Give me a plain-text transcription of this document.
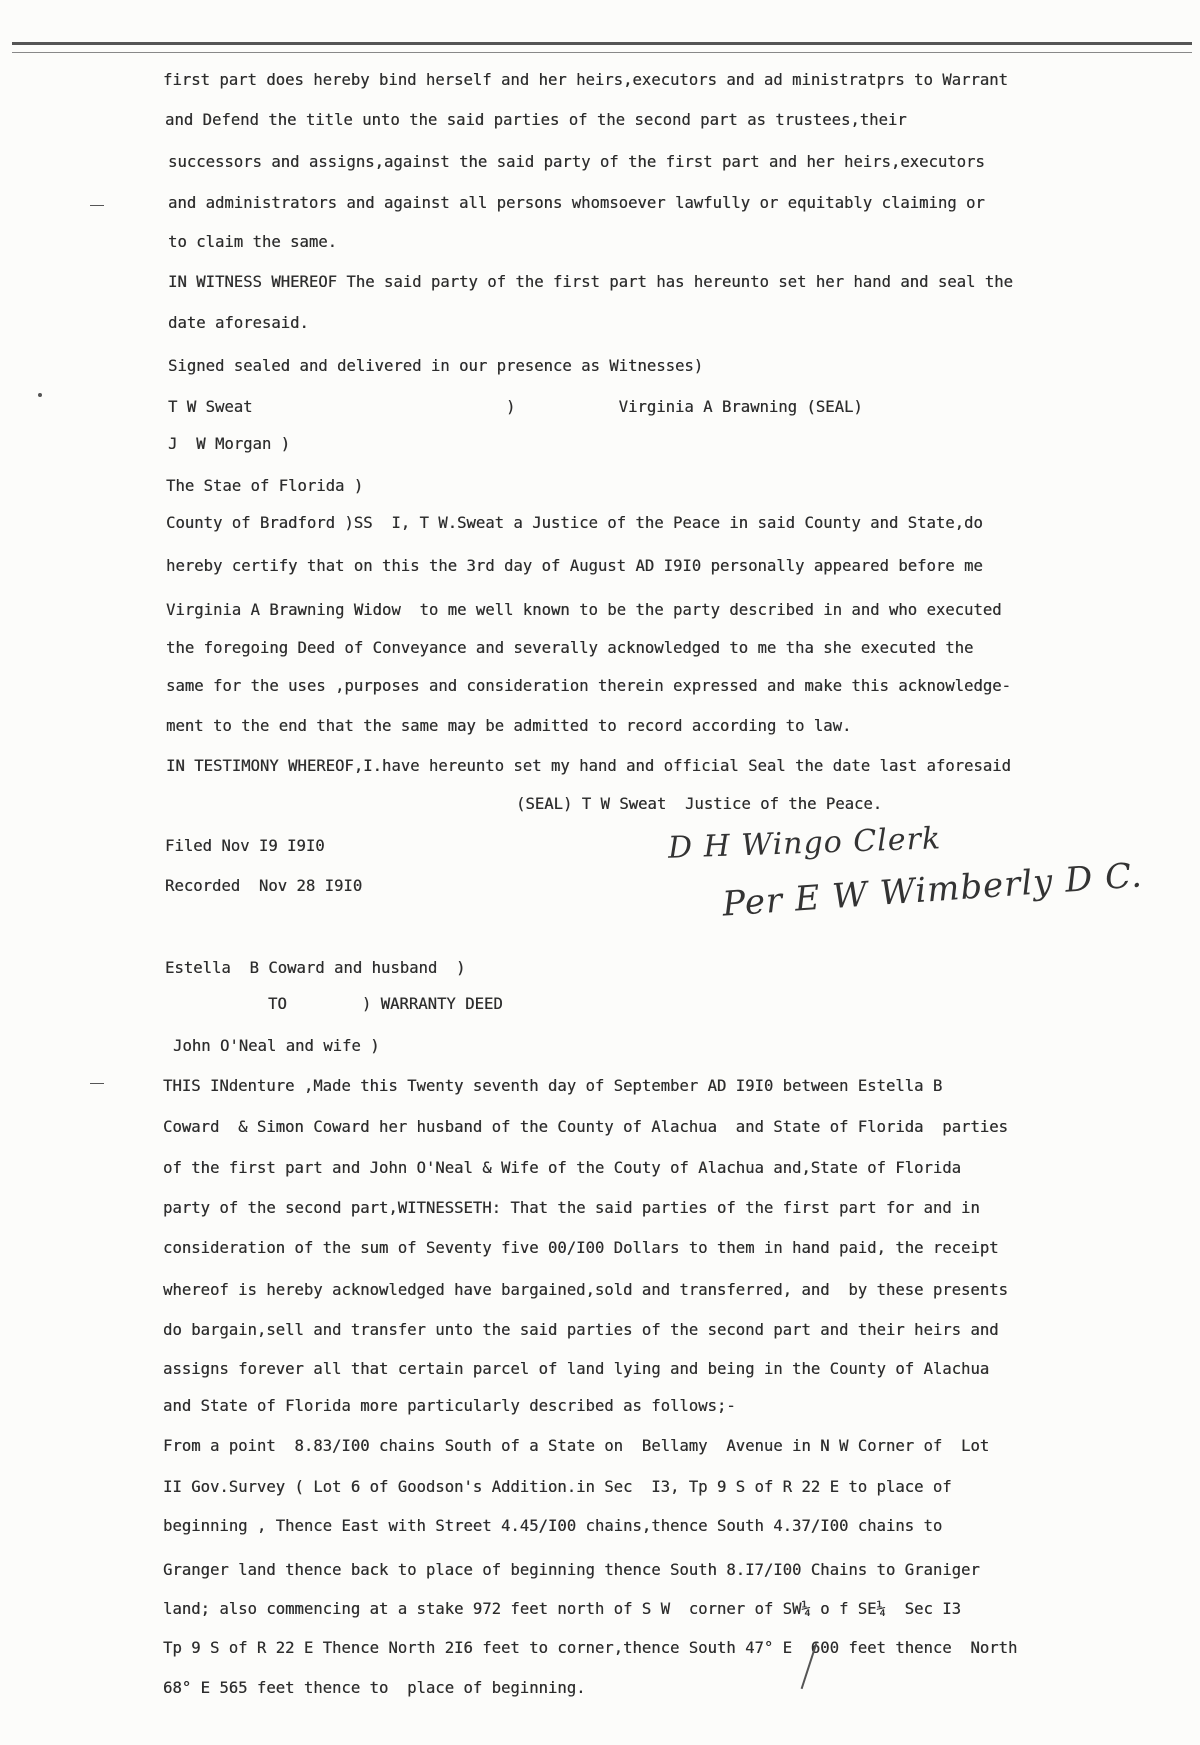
first part does hereby bind herself and her heirs,executors and ad ministratprs to Warrant
and Defend the title unto the said parties of the second part as trustees,their
successors and assigns,against the said party of the first part and her heirs,executors
and administrators and against all persons whomsoever lawfully or equitably claiming or
to claim the same.
IN WITNESS WHEREOF The said party of the first part has hereunto set her hand and seal the
date aforesaid.
Signed sealed and delivered in our presence as Witnesses)
T W Sweat                           )           Virginia A Brawning (SEAL)
J  W Morgan )
The Stae of Florida )
County of Bradford )SS  I, T W.Sweat a Justice of the Peace in said County and State,do
hereby certify that on this the 3rd day of August AD I9I0 personally appeared before me
Virginia A Brawning Widow  to me well known to be the party described in and who executed
the foregoing Deed of Conveyance and severally acknowledged to me tha she executed the
same for the uses ,purposes and consideration therein expressed and make this acknowledge-
ment to the end that the same may be admitted to record according to law.
IN TESTIMONY WHEREOF,I.have hereunto set my hand and official Seal the date last aforesaid
(SEAL) T W Sweat  Justice of the Peace.
Filed Nov I9 I9I0
Recorded  Nov 28 I9I0
D H Wingo Clerk
Per E W Wimberly D C.
Estella  B Coward and husband  )
TO        ) WARRANTY DEED
John O'Neal and wife )
THIS INdenture ,Made this Twenty seventh day of September AD I9I0 between Estella B
Coward  & Simon Coward her husband of the County of Alachua  and State of Florida  parties
of the first part and John O'Neal & Wife of the Couty of Alachua and,State of Florida
party of the second part,WITNESSETH: That the said parties of the first part for and in
consideration of the sum of Seventy five 00/I00 Dollars to them in hand paid, the receipt
whereof is hereby acknowledged have bargained,sold and transferred, and  by these presents
do bargain,sell and transfer unto the said parties of the second part and their heirs and
assigns forever all that certain parcel of land lying and being in the County of Alachua
and State of Florida more particularly described as follows;-
From a point  8.83/I00 chains South of a State on  Bellamy  Avenue in N W Corner of  Lot
II Gov.Survey ( Lot 6 of Goodson's Addition.in Sec  I3, Tp 9 S of R 22 E to place of
beginning , Thence East with Street 4.45/I00 chains,thence South 4.37/I00 chains to
Granger land thence back to place of beginning thence South 8.I7/I00 Chains to Graniger
land; also commencing at a stake 972 feet north of S W  corner of SW¼ o f SE¼  Sec I3
Tp 9 S of R 22 E Thence North 2I6 feet to corner,thence South 47° E  600 feet thence  North
68° E 565 feet thence to  place of beginning.
